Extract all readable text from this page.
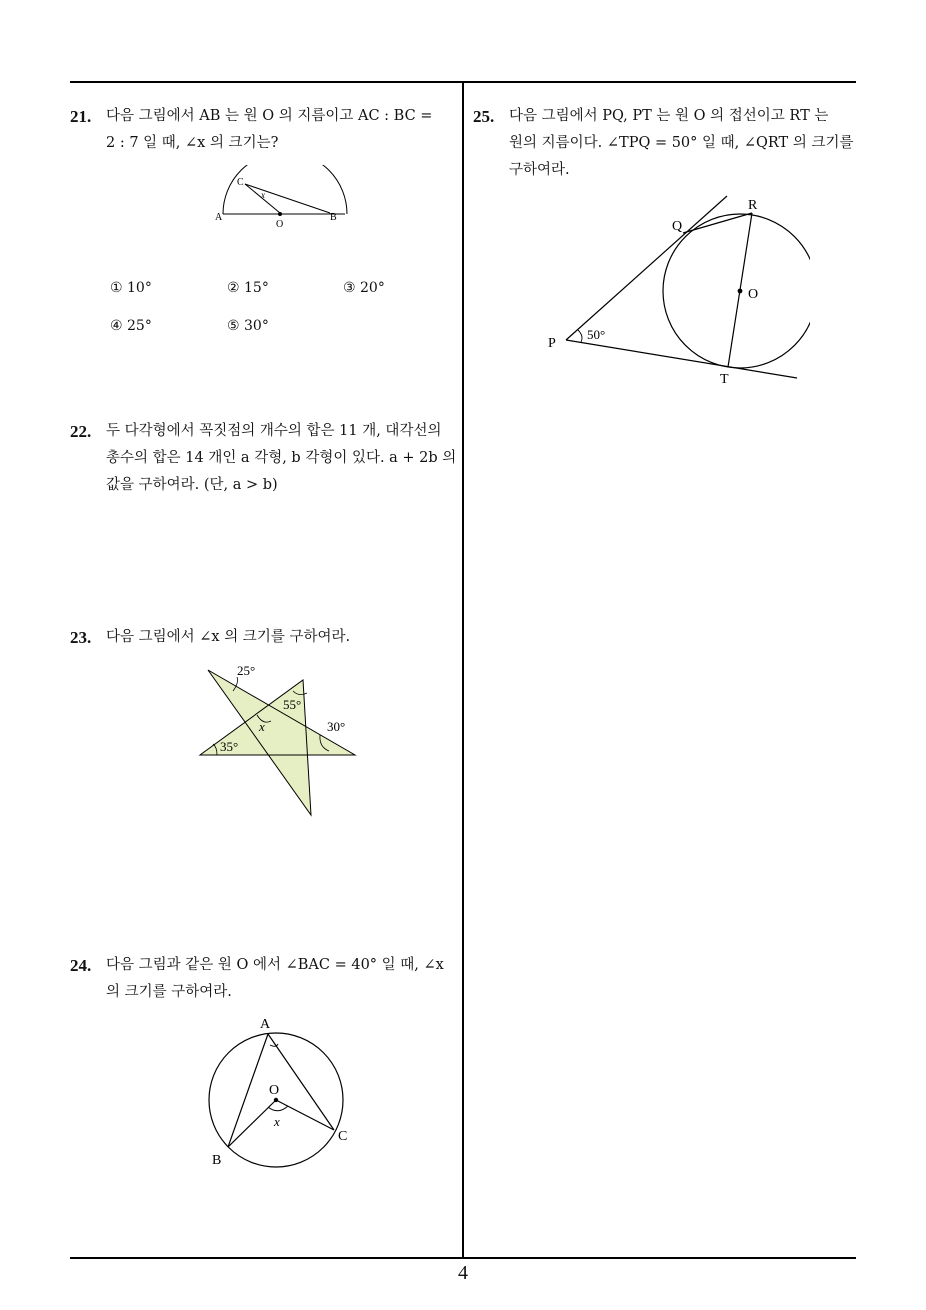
21. 다음 그림에서 AB 는 원 O 의 지름이고 AC : BC =
2 : 7 일 때, ∠x 의 크기는?
C
A	B
O
x
① 10°	② 15°	③ 20°
④ 25°	⑤ 30°
22. 두 다각형에서 꼭짓점의 개수의 합은 11 개, 대각선의
총수의 합은 14 개인 a 각형, b 각형이 있다. a + 2b 의
값을 구하여라. (단, a > b)
23. 다음 그림에서 ∠x 의 크기를 구하여라.
25°
55°
30°
35°
x
24. 다음 그림과 같은 원 O 에서 ∠BAC = 40° 일 때, ∠x
의 크기를 구하여라.
A
O
B
C
x
25. 다음 그림에서 PQ, PT 는 원 O 의 접선이고 RT 는
원의 지름이다. ∠TPQ = 50° 일 때, ∠QRT 의 크기를
구하여라.
R
Q
O
P
T
50°
4
